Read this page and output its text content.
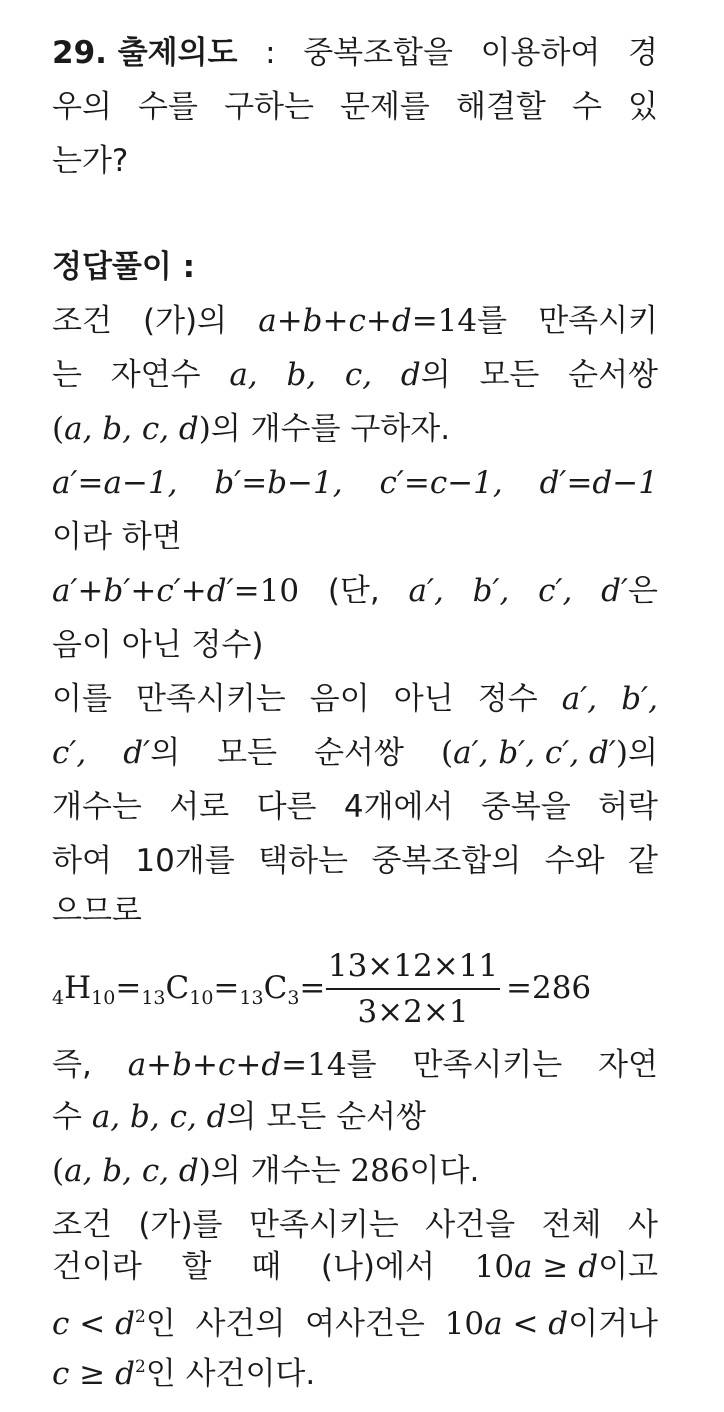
29. 출제의도 : 중복조합을 이용하여 경
우의 수를 구하는 문제를 해결할 수 있
는가?
정답풀이 :
조건 (가)의 a+b+c+d=14를 만족시키
는 자연수 a, b, c, d의 모든 순서쌍
(a, b, c, d)의 개수를 구하자.
a′=a−1, b′=b−1, c′=c−1, d′=d−1
이라 하면
a′+b′+c′+d′=10 (단, a′, b′, c′, d′은
음이 아닌 정수)
이를 만족시키는 음이 아닌 정수 a′, b′,
c′, d′의 모든 순서쌍 (a′, b′, c′, d′)의
개수는 서로 다른 4개에서 중복을 허락
하여 10개를 택하는 중복조합의 수와 같
으므로
$_4H_{10}=_{13}C_{10}=_{13}C_3=$
13×12×11
3×2×1
=286
즉, a+b+c+d=14를 만족시키는 자연
수 a, b, c, d의 모든 순서쌍
(a, b, c, d)의 개수는 286이다.
조건 (가)를 만족시키는 사건을 전체 사
건이라 할 때 (나)에서 10a ≥ d이고
$c < d^2$인 사건의 여사건은 10a < d이거나
$c \ge d^2$인 사건이다.
